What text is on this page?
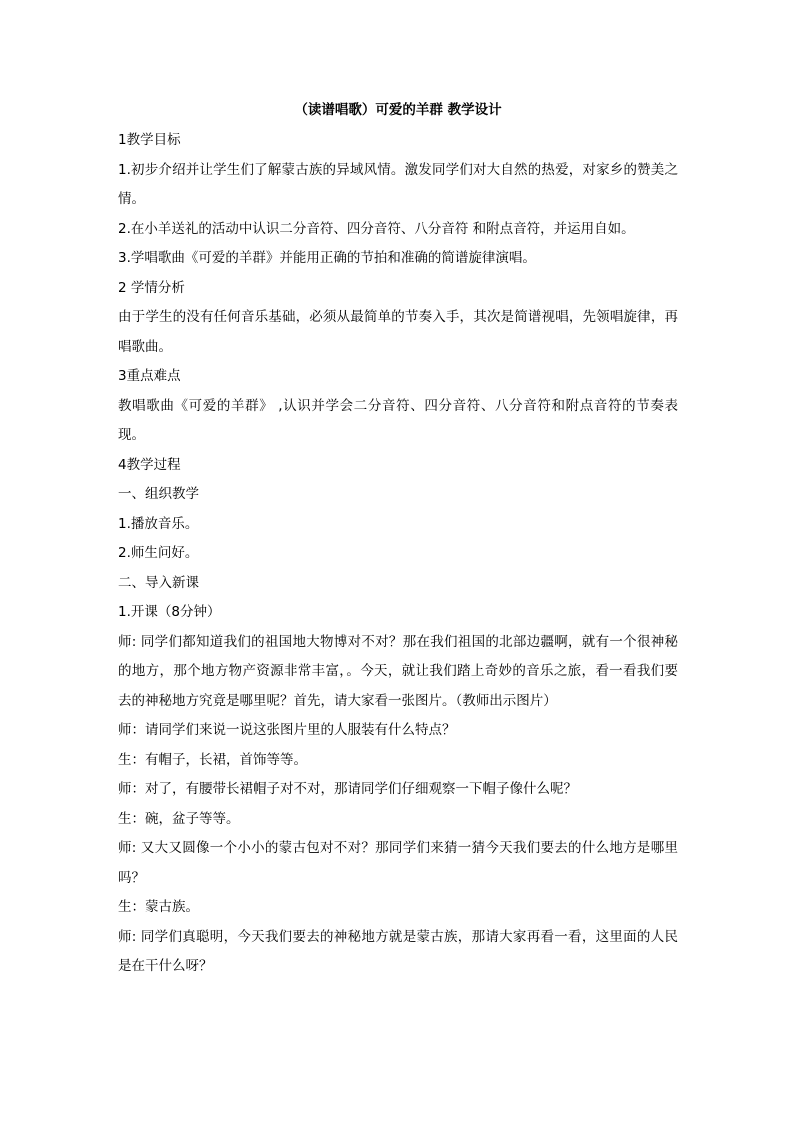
（读谱唱歌）可爱的羊群 教学设计

1教学目标

1.初步介绍并让学生们了解蒙古族的异域风情。激发同学们对大自然的热爱，对家乡的赞美之情。

2.在小羊送礼的活动中认识二分音符、四分音符、八分音符 和附点音符，并运用自如。

3.学唱歌曲《可爱的羊群》并能用正确的节拍和准确的简谱旋律演唱。

2 学情分析

由于学生的没有任何音乐基础，必须从最简单的节奏入手，其次是简谱视唱，先领唱旋律，再唱歌曲。

3重点难点

教唱歌曲《可爱的羊群》 ,认识并学会二分音符、四分音符、八分音符和附点音符的节奏表现。

4教学过程

一、组织教学

1.播放音乐。

2.师生问好。

二、导入新课

1.开课（8分钟）

师: 同学们都知道我们的祖国地大物博对不对？那在我们祖国的北部边疆啊，就有一个很神秘的地方，那个地方物产资源非常丰富，。今天，就让我们踏上奇妙的音乐之旅，看一看我们要去的神秘地方究竟是哪里呢？首先，请大家看一张图片。（教师出示图片）

师：请同学们来说一说这张图片里的人服装有什么特点？

生：有帽子，长裙，首饰等等。

师：对了，有腰带长裙帽子对不对，那请同学们仔细观察一下帽子像什么呢？

生：碗，盆子等等。

师: 又大又圆像一个小小的蒙古包对不对？那同学们来猜一猜今天我们要去的什么地方是哪里吗？

生：蒙古族。

师: 同学们真聪明，今天我们要去的神秘地方就是蒙古族，那请大家再看一看，这里面的人民是在干什么呀？
